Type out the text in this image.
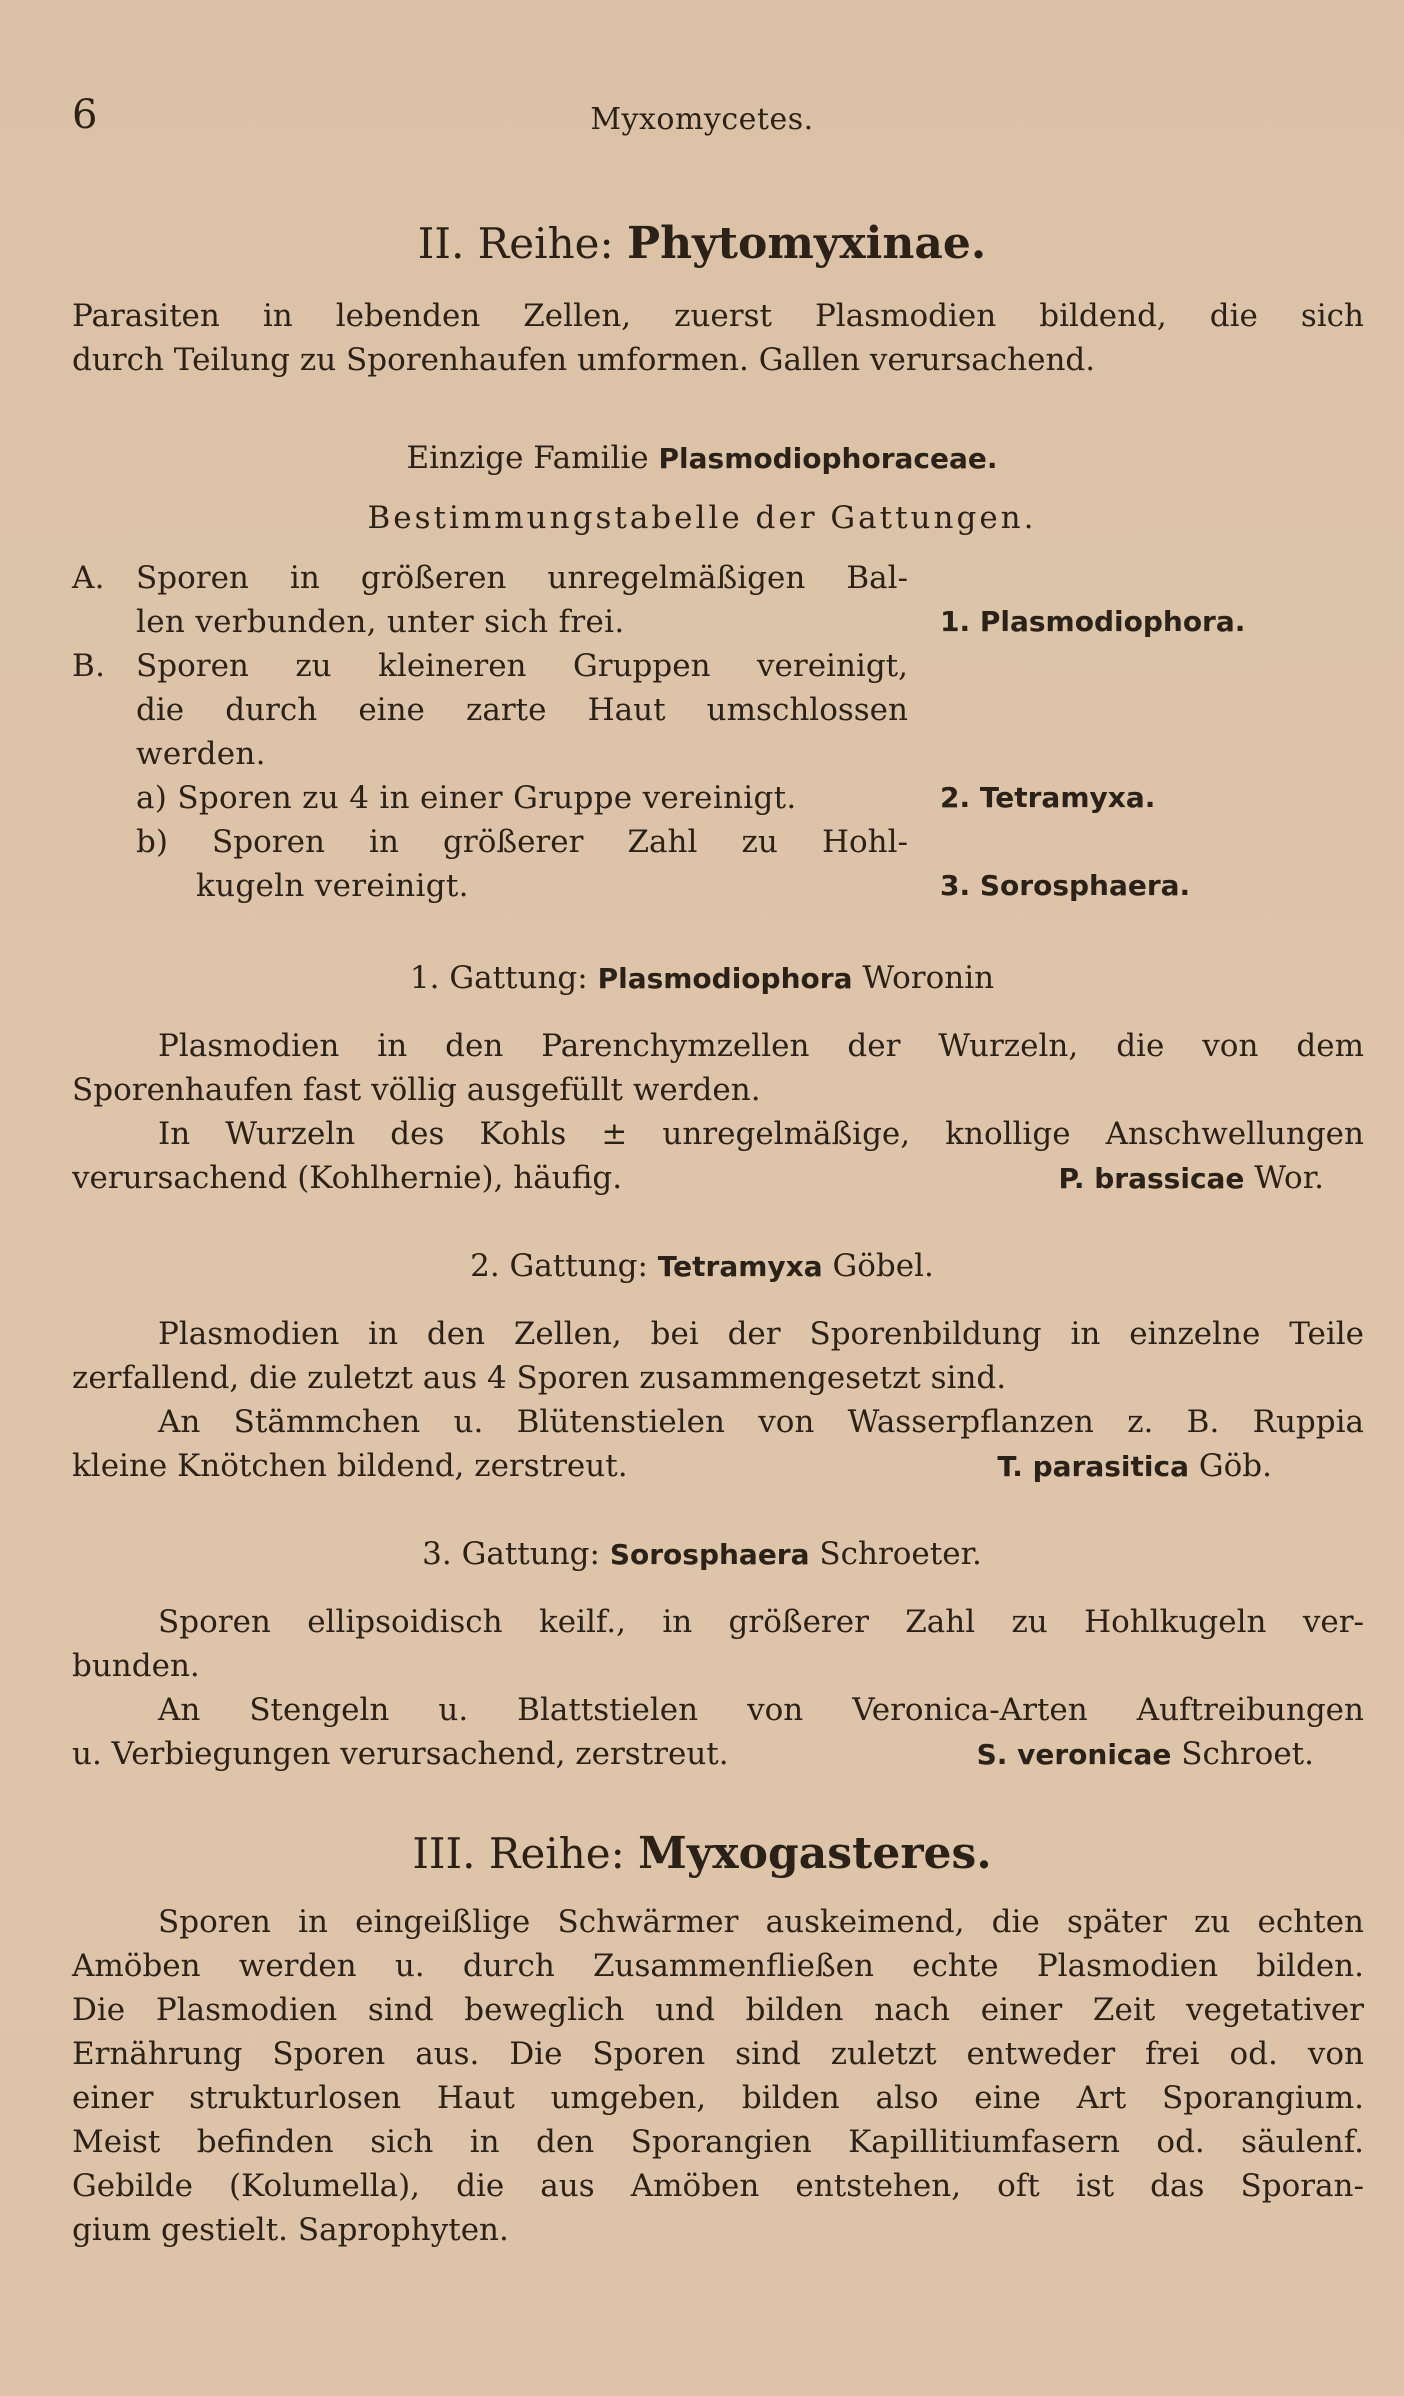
6	Myxomycetes.
II. Reihe: Phytomyxinae.
Parasiten in lebenden Zellen, zuerst Plasmodien bildend, die sich
durch Teilung zu Sporenhaufen umformen. Gallen verursachend.
Einzige Familie Plasmodiophoraceae.
Bestimmungstabelle der Gattungen.
A. Sporen in größeren unregelmäßigen Bal-
len verbunden, unter sich frei.	1. Plasmodiophora.
B. Sporen zu kleineren Gruppen vereinigt,
die durch eine zarte Haut umschlossen
werden.
a) Sporen zu 4 in einer Gruppe vereinigt.	2. Tetramyxa.
b) Sporen in größerer Zahl zu Hohl-
kugeln vereinigt.	3. Sorosphaera.
1. Gattung: Plasmodiophora Woronin
Plasmodien in den Parenchymzellen der Wurzeln, die von dem
Sporenhaufen fast völlig ausgefüllt werden.
In Wurzeln des Kohls ± unregelmäßige, knollige Anschwellungen
verursachend (Kohlhernie), häufig.	P. brassicae Wor.
2. Gattung: Tetramyxa Göbel.
Plasmodien in den Zellen, bei der Sporenbildung in einzelne Teile
zerfallend, die zuletzt aus 4 Sporen zusammengesetzt sind.
An Stämmchen u. Blütenstielen von Wasserpflanzen z. B. Ruppia
kleine Knötchen bildend, zerstreut.	T. parasitica Göb.
3. Gattung: Sorosphaera Schroeter.
Sporen ellipsoidisch keilf., in größerer Zahl zu Hohlkugeln ver-
bunden.
An Stengeln u. Blattstielen von Veronica-Arten Auftreibungen
u. Verbiegungen verursachend, zerstreut.	S. veronicae Schroet.
III. Reihe: Myxogasteres.
Sporen in eingeißlige Schwärmer auskeimend, die später zu echten
Amöben werden u. durch Zusammenfließen echte Plasmodien bilden.
Die Plasmodien sind beweglich und bilden nach einer Zeit vegetativer
Ernährung Sporen aus. Die Sporen sind zuletzt entweder frei od. von
einer strukturlosen Haut umgeben, bilden also eine Art Sporangium.
Meist befinden sich in den Sporangien Kapillitiumfasern od. säulenf.
Gebilde (Kolumella), die aus Amöben entstehen, oft ist das Sporan-
gium gestielt. Saprophyten.
